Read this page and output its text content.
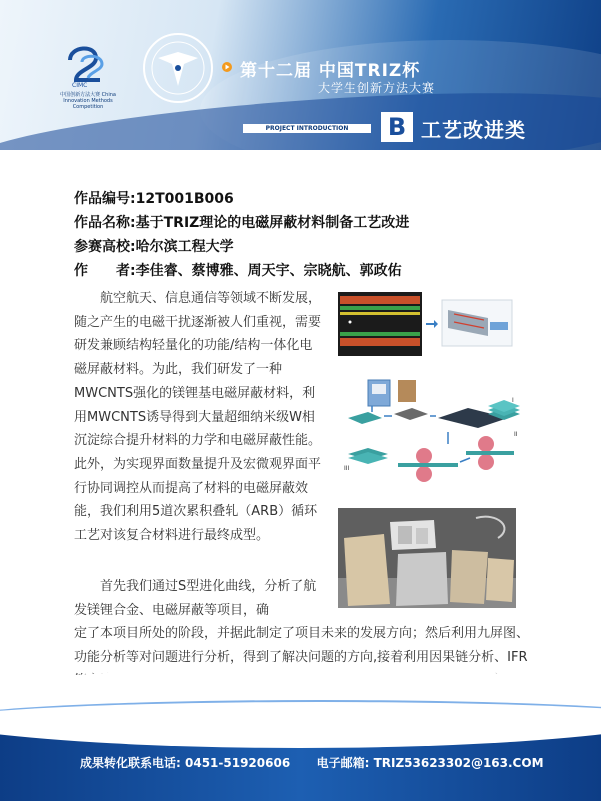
CIMC
中国创新方法大赛 China Innovation Methods Competition
第十二届 中国TRIZ杯
大学生创新方法大赛
PROJECT INTRODUCTION	B 工艺改进类
作品编号:12T001B006
作品名称:基于TRIZ理论的电磁屏蔽材料制备工艺改进
参赛高校:哈尔滨工程大学
作　　者:李佳睿、蔡博雅、周天宇、宗晓航、郭政佑

　　航空航天、信息通信等领域不断发展，随之产生的电磁干扰逐渐被人们重视，需要研发兼顾结构轻量化的功能/结构一体化电磁屏蔽材料。为此，我们研发了一种MWCNTS强化的镁锂基电磁屏蔽材料，利用MWCNTS诱导得到大量超细纳米级W相沉淀综合提升材料的力学和电磁屏蔽性能。此外，为实现界面数量提升及宏微观界面平行协同调控从而提高了材料的电磁屏蔽效能，我们利用5道次累积叠轧（ARB）循环工艺对该复合材料进行最终成型。

　　首先我们通过S型进化曲线，分析了航发镁锂合金、电磁屏蔽等项目，确

定了本项目所处的阶段，并据此制定了项目未来的发展方向；然后利用九屏图、功能分析等对问题进行分析，得到了解决问题的方向,接着利用因果链分析、IFR

I
III
II
成果转化联系电话: 0451-51920606 电子邮箱: TRIZ53623302@163.COM
